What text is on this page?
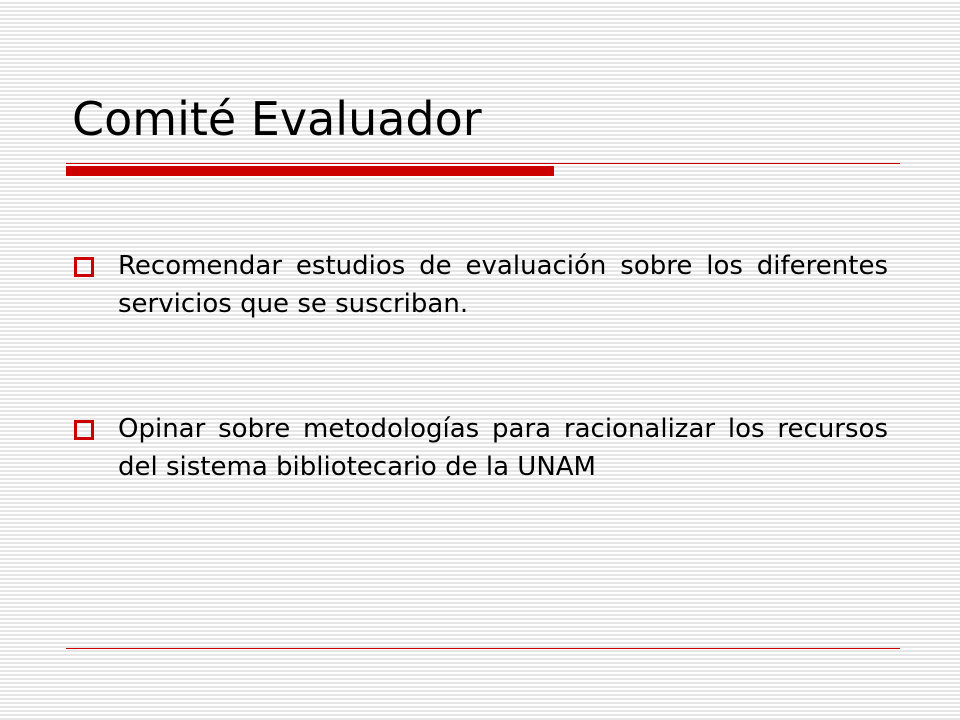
Comité Evaluador
Recomendar estudios de evaluación sobre los diferentes servicios que se suscriban.
Opinar sobre metodologías para racionalizar los recursos del sistema bibliotecario de la UNAM
